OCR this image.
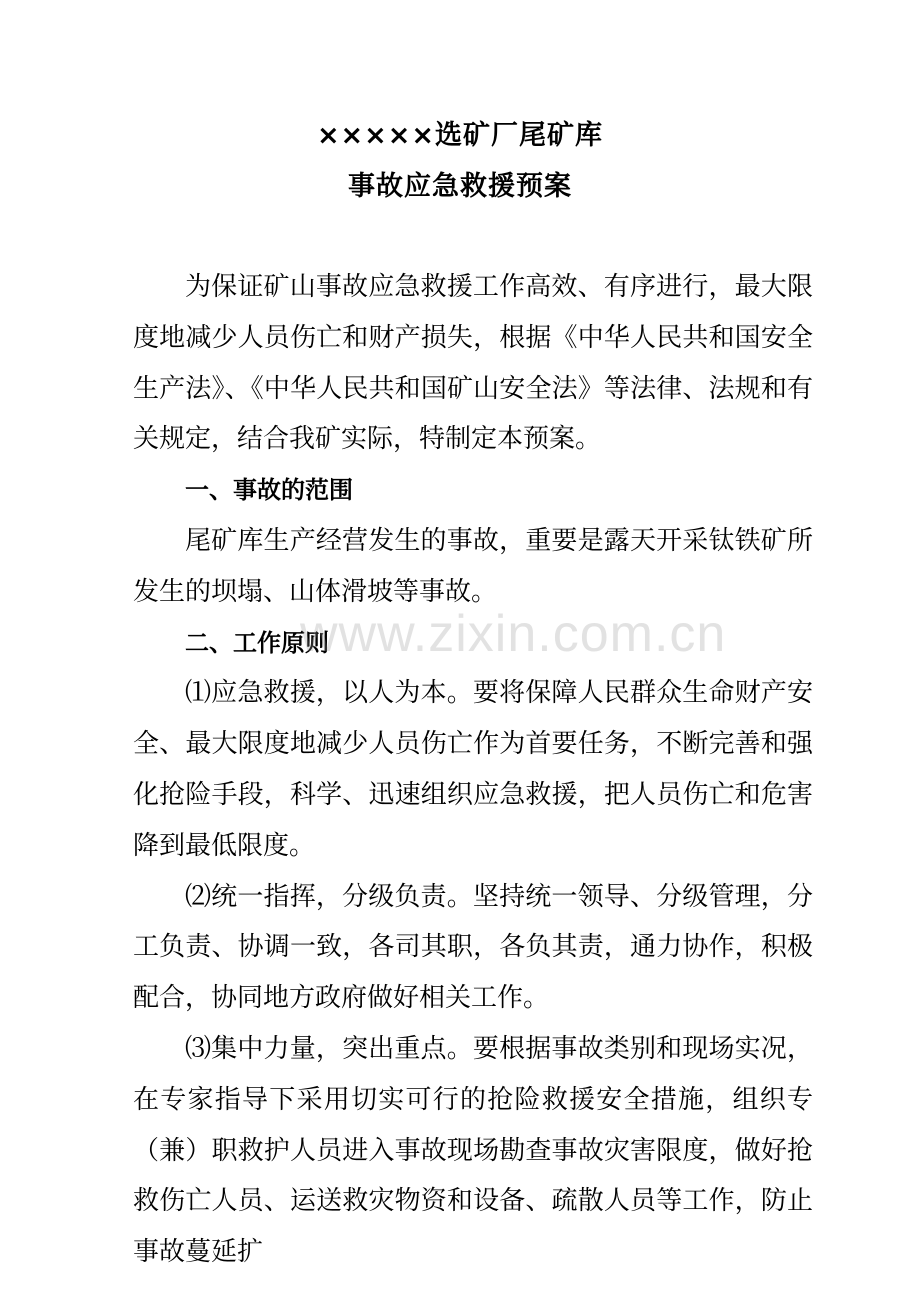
×××××选矿厂尾矿库
事故应急救援预案

为保证矿山事故应急救援工作高效、有序进行，最大限度地减少人员伤亡和财产损失，根据《中华人民共和国安全生产法》、《中华人民共和国矿山安全法》等法律、法规和有关规定，结合我矿实际，特制定本预案。

一、事故的范围

尾矿库生产经营发生的事故，重要是露天开采钛铁矿所发生的坝塌、山体滑坡等事故。

二、工作原则

⑴应急救援，以人为本。要将保障人民群众生命财产安全、最大限度地减少人员伤亡作为首要任务，不断完善和强化抢险手段，科学、迅速组织应急救援，把人员伤亡和危害降到最低限度。

⑵统一指挥，分级负责。坚持统一领导、分级管理，分工负责、协调一致，各司其职，各负其责，通力协作，积极配合，协同地方政府做好相关工作。

⑶集中力量，突出重点。要根据事故类别和现场实况，在专家指导下采用切实可行的抢险救援安全措施，组织专（兼）职救护人员进入事故现场勘查事故灾害限度，做好抢救伤亡人员、运送救灾物资和设备、疏散人员等工作，防止事故蔓延扩

www.zixin.com.cn
